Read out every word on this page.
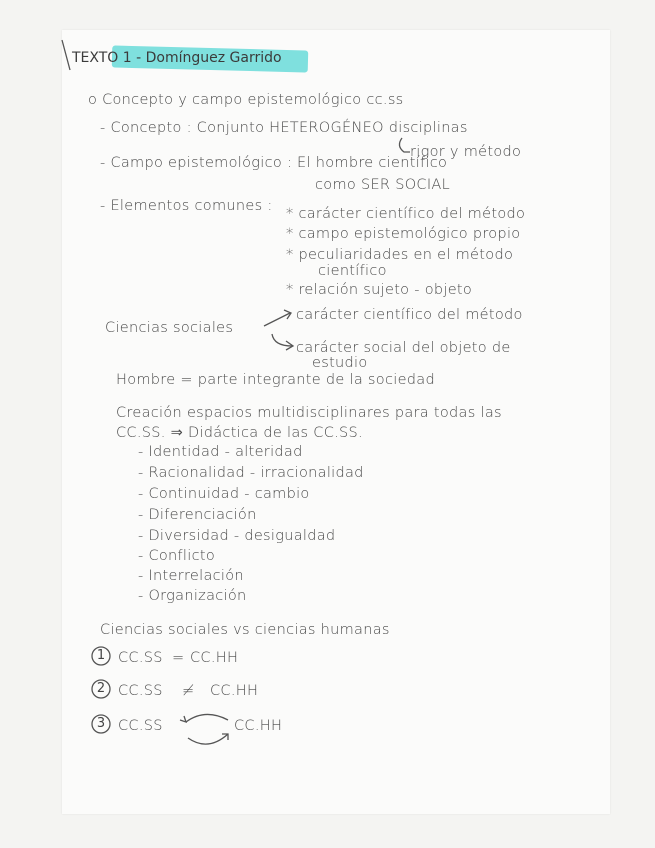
TEXTO 1 - Domínguez Garrido
o Concepto y campo epistemológico cc.ss
- Concepto : Conjunto HETEROGÉNEO disciplinas
rigor y método
- Campo epistemológico : El hombre científico
como SER SOCIAL
- Elementos comunes : * carácter científico del método
* campo epistemológico propio
* peculiaridades en el método
científico
* relación sujeto - objeto
Ciencias sociales
carácter científico del método
carácter social del objeto de
estudio
Hombre = parte integrante de la sociedad
Creación espacios multidisciplinares para todas las
CC.SS. ⇒ Didáctica de las CC.SS.
- Identidad - alteridad
- Racionalidad - irracionalidad
- Continuidad - cambio
- Diferenciación
- Diversidad - desigualdad
- Conflicto
- Interrelación
- Organización
Ciencias sociales vs ciencias humanas
1 CC.SS = CC.HH
2 CC.SS ≠ CC.HH
3 CC.SS	CC.HH
